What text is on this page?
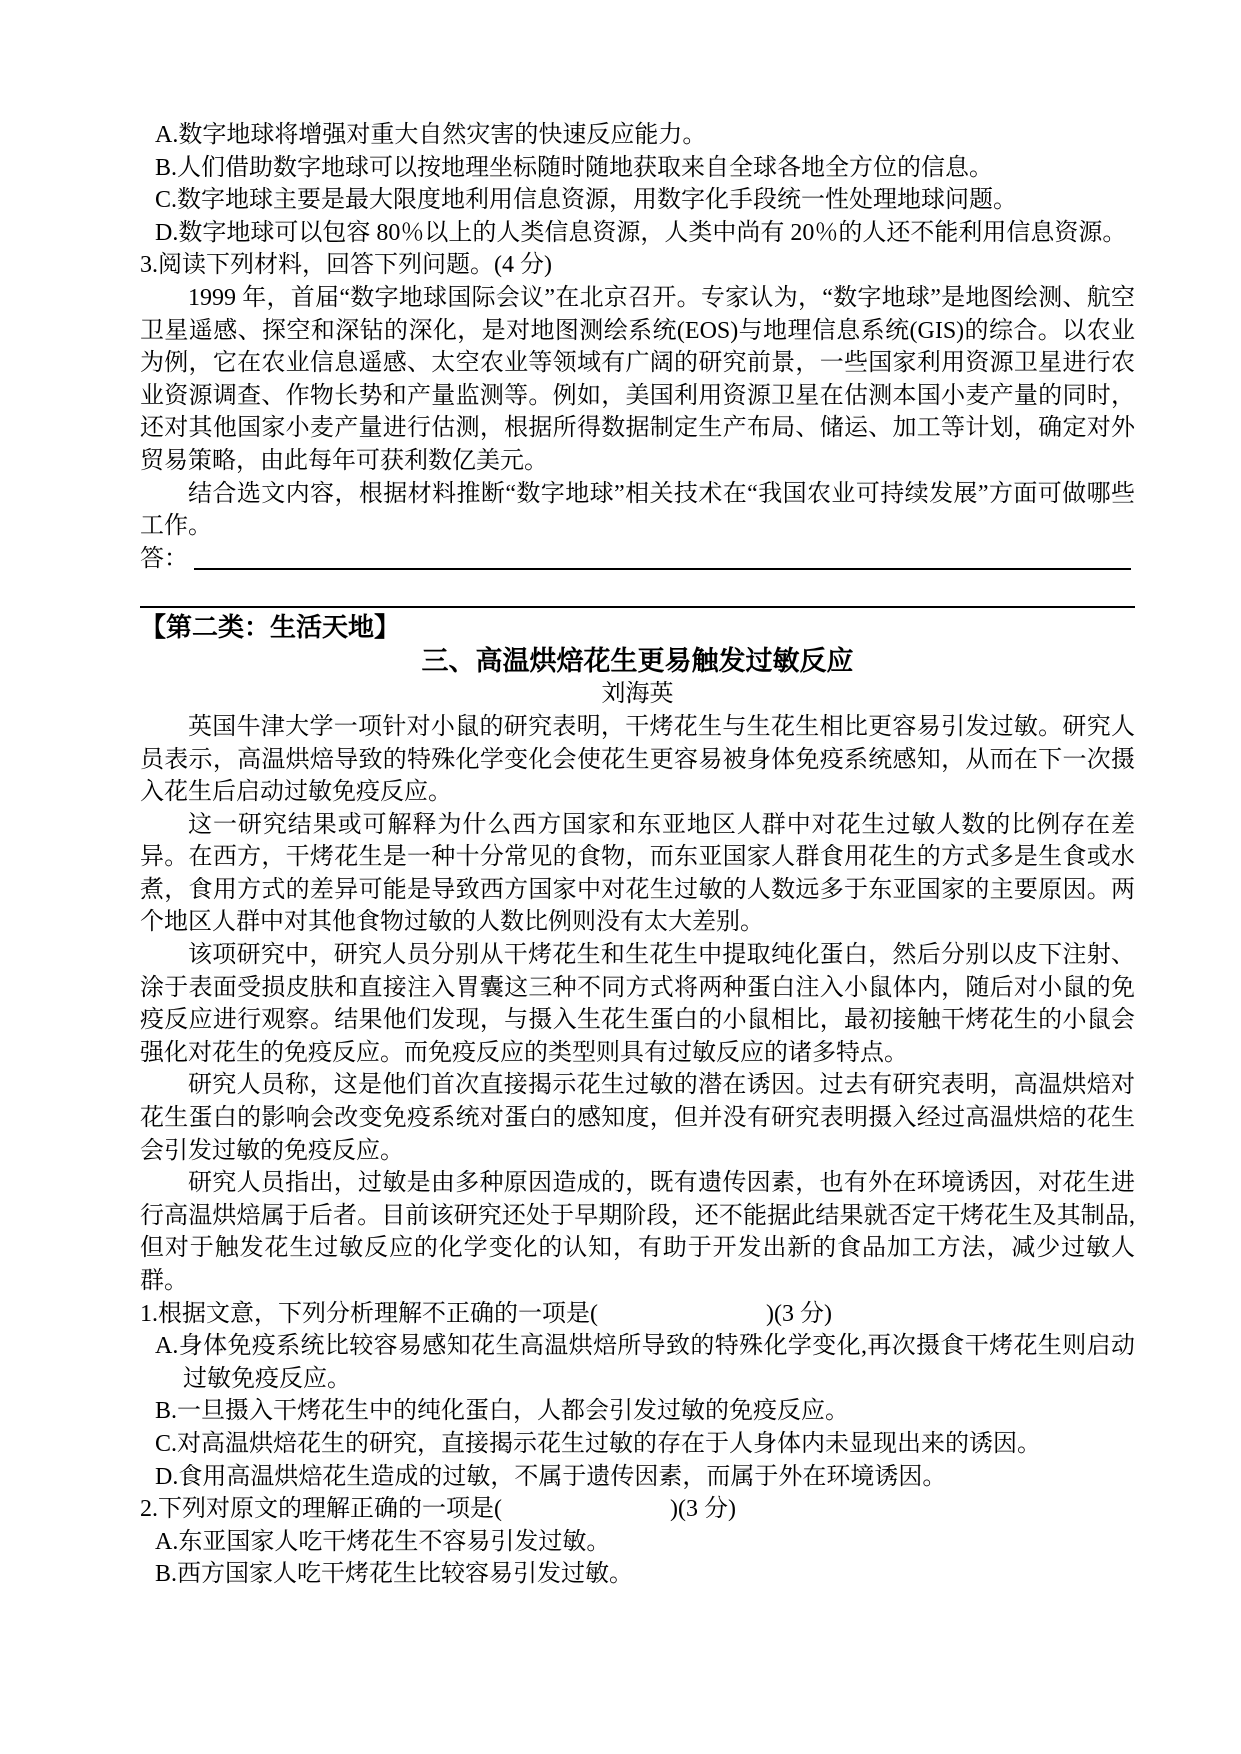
A.数字地球将增强对重大自然灾害的快速反应能力。
B.人们借助数字地球可以按地理坐标随时随地获取来自全球各地全方位的信息。
C.数字地球主要是最大限度地利用信息资源，用数字化手段统一性处理地球问题。
D.数字地球可以包容 80％以上的人类信息资源，人类中尚有 20％的人还不能利用信息资源。
3.阅读下列材料，回答下列问题。(4 分)
1999 年，首届“数字地球国际会议”在北京召开。专家认为，“数字地球”是地图绘测、航空卫星遥感、探空和深钻的深化，是对地图测绘系统(EOS)与地理信息系统(GIS)的综合。以农业为例，它在农业信息遥感、太空农业等领域有广阔的研究前景，一些国家利用资源卫星进行农业资源调查、作物长势和产量监测等。例如，美国利用资源卫星在估测本国小麦产量的同时，还对其他国家小麦产量进行估测，根据所得数据制定生产布局、储运、加工等计划，确定对外贸易策略，由此每年可获利数亿美元。
结合选文内容，根据材料推断“数字地球”相关技术在“我国农业可持续发展”方面可做哪些工作。
答：
【第二类：生活天地】
三、高温烘焙花生更易触发过敏反应
刘海英
英国牛津大学一项针对小鼠的研究表明，干烤花生与生花生相比更容易引发过敏。研究人员表示，高温烘焙导致的特殊化学变化会使花生更容易被身体免疫系统感知，从而在下一次摄入花生后启动过敏免疫反应。
这一研究结果或可解释为什么西方国家和东亚地区人群中对花生过敏人数的比例存在差异。在西方，干烤花生是一种十分常见的食物，而东亚国家人群食用花生的方式多是生食或水煮，食用方式的差异可能是导致西方国家中对花生过敏的人数远多于东亚国家的主要原因。两个地区人群中对其他食物过敏的人数比例则没有太大差别。
该项研究中，研究人员分别从干烤花生和生花生中提取纯化蛋白，然后分别以皮下注射、涂于表面受损皮肤和直接注入胃囊这三种不同方式将两种蛋白注入小鼠体内，随后对小鼠的免疫反应进行观察。结果他们发现，与摄入生花生蛋白的小鼠相比，最初接触干烤花生的小鼠会强化对花生的免疫反应。而免疫反应的类型则具有过敏反应的诸多特点。
研究人员称，这是他们首次直接揭示花生过敏的潜在诱因。过去有研究表明，高温烘焙对花生蛋白的影响会改变免疫系统对蛋白的感知度，但并没有研究表明摄入经过高温烘焙的花生会引发过敏的免疫反应。
研究人员指出，过敏是由多种原因造成的，既有遗传因素，也有外在环境诱因，对花生进行高温烘焙属于后者。目前该研究还处于早期阶段，还不能据此结果就否定干烤花生及其制品,但对于触发花生过敏反应的化学变化的认知，有助于开发出新的食品加工方法，减少过敏人群。
1.根据文意，下列分析理解不正确的一项是(　　　　　　　)(3 分)
A.身体免疫系统比较容易感知花生高温烘焙所导致的特殊化学变化,再次摄食干烤花生则启动过敏免疫反应。
B.一旦摄入干烤花生中的纯化蛋白，人都会引发过敏的免疫反应。
C.对高温烘焙花生的研究，直接揭示花生过敏的存在于人身体内未显现出来的诱因。
D.食用高温烘焙花生造成的过敏，不属于遗传因素，而属于外在环境诱因。
2.下列对原文的理解正确的一项是(　　　　　　　)(3 分)
A.东亚国家人吃干烤花生不容易引发过敏。
B.西方国家人吃干烤花生比较容易引发过敏。
